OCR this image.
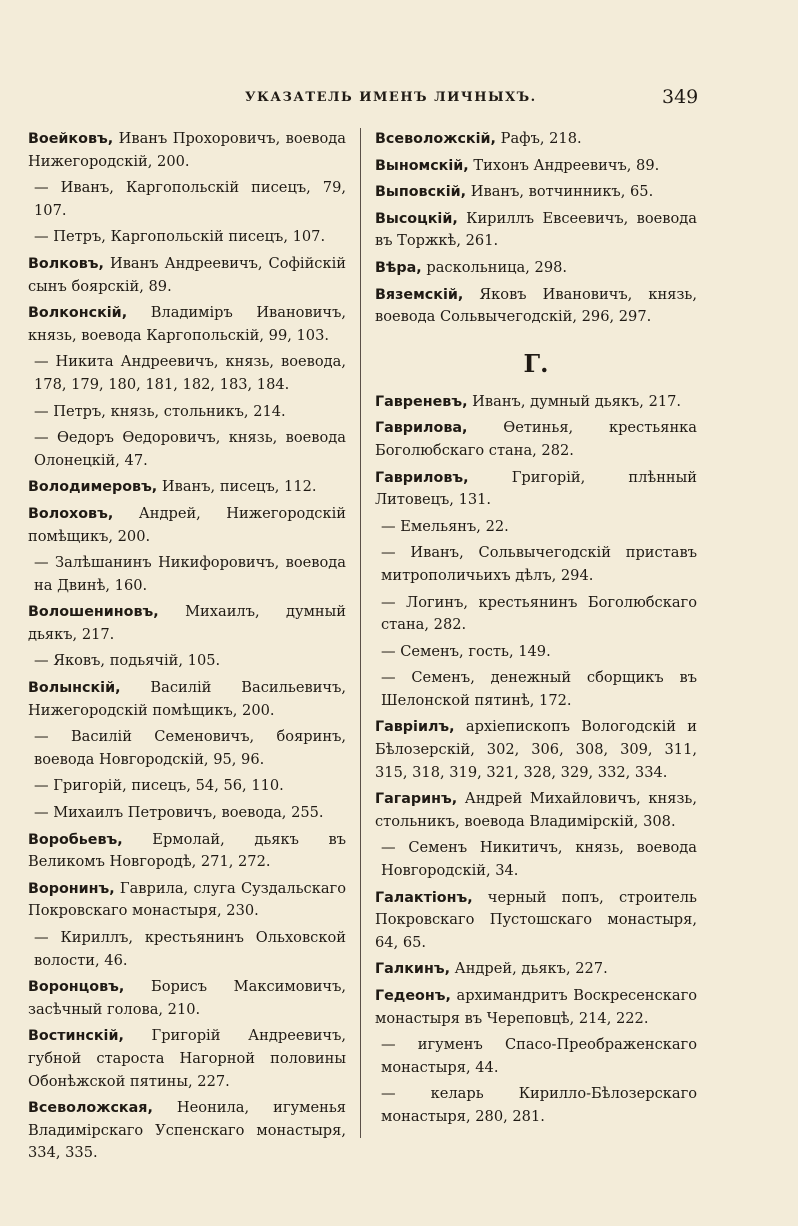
УКАЗАТЕЛЬ ИМЕНЪ ЛИЧНЫХЪ.	349

Воейковъ, Иванъ Прохоровичъ, воевода Нижегородскій, 200.

— Иванъ, Каргопольскій писецъ, 79, 107.

— Петръ, Каргопольскій писецъ, 107.

Волковъ, Иванъ Андреевичъ, Софійскій сынъ боярскій, 89.

Волконскій, Владиміръ Ивановичъ, князь, воевода Каргопольскій, 99, 103.

— Никита Андреевичъ, князь, воевода, 178, 179, 180, 181, 182, 183, 184.

— Петръ, князь, стольникъ, 214.

— Ѳедоръ Ѳедоровичъ, князь, воевода Олонецкій, 47.

Володимеровъ, Иванъ, писецъ, 112.

Волоховъ, Андрей, Нижегородскій помѣщикъ, 200.

— Залѣшанинъ Никифоровичъ, воевода на Двинѣ, 160.

Волошениновъ, Михаилъ, думный дьякъ, 217.

— Яковъ, подьячій, 105.

Волынскій, Василій Васильевичъ, Нижегородскій помѣщикъ, 200.

— Василій Семеновичъ, бояринъ, воевода Новгородскій, 95, 96.

— Григорій, писецъ, 54, 56, 110.

— Михаилъ Петровичъ, воевода, 255.

Воробьевъ, Ермолай, дьякъ въ Великомъ Новгородѣ, 271, 272.

Воронинъ, Гаврила, слуга Суздальскаго Покровскаго монастыря, 230.

— Кириллъ, крестьянинъ Ольховской волости, 46.

Воронцовъ, Борисъ Максимовичъ, засѣчный голова, 210.

Востинскій, Григорій Андреевичъ, губной староста Нагорной половины Обонѣжской пятины, 227.

Всеволожская, Неонила, игуменья Владимірскаго Успенскаго монастыря, 334, 335.

Всеволожскій, Рафъ, 218.

Выномскій, Тихонъ Андреевичъ, 89.

Выповскій, Иванъ, вотчинникъ, 65.

Высоцкій, Кириллъ Евсеевичъ, воевода въ Торжкѣ, 261.

Вѣра, раскольница, 298.

Вяземскій, Яковъ Ивановичъ, князь, воевода Сольвычегодскій, 296, 297.

Г.

Гавреневъ, Иванъ, думный дьякъ, 217.

Гаврилова, Ѳетинья, крестьянка Боголюбскаго стана, 282.

Гавриловъ, Григорій, плѣнный Литовецъ, 131.

— Емельянъ, 22.

— Иванъ, Сольвычегодскій приставъ митрополичьихъ дѣлъ, 294.

— Логинъ, крестьянинъ Боголюбскаго стана, 282.

— Семенъ, гость, 149.

— Семенъ, денежный сборщикъ въ Шелонской пятинѣ, 172.

Гавріилъ, архіепископъ Вологодскій и Бѣлозерскій, 302, 306, 308, 309, 311, 315, 318, 319, 321, 328, 329, 332, 334.

Гагаринъ, Андрей Михайловичъ, князь, стольникъ, воевода Владимірскій, 308.

— Семенъ Никитичъ, князь, воевода Новгородскій, 34.

Галактіонъ, черный попъ, строитель Покровскаго Пустошскаго монастыря, 64, 65.

Галкинъ, Андрей, дьякъ, 227.

Гедеонъ, архимандритъ Воскресенскаго монастыря въ Череповцѣ, 214, 222.

— игуменъ Спасо-Преображенскаго монастыря, 44.

— келарь Кирилло-Бѣлозерскаго монастыря, 280, 281.
